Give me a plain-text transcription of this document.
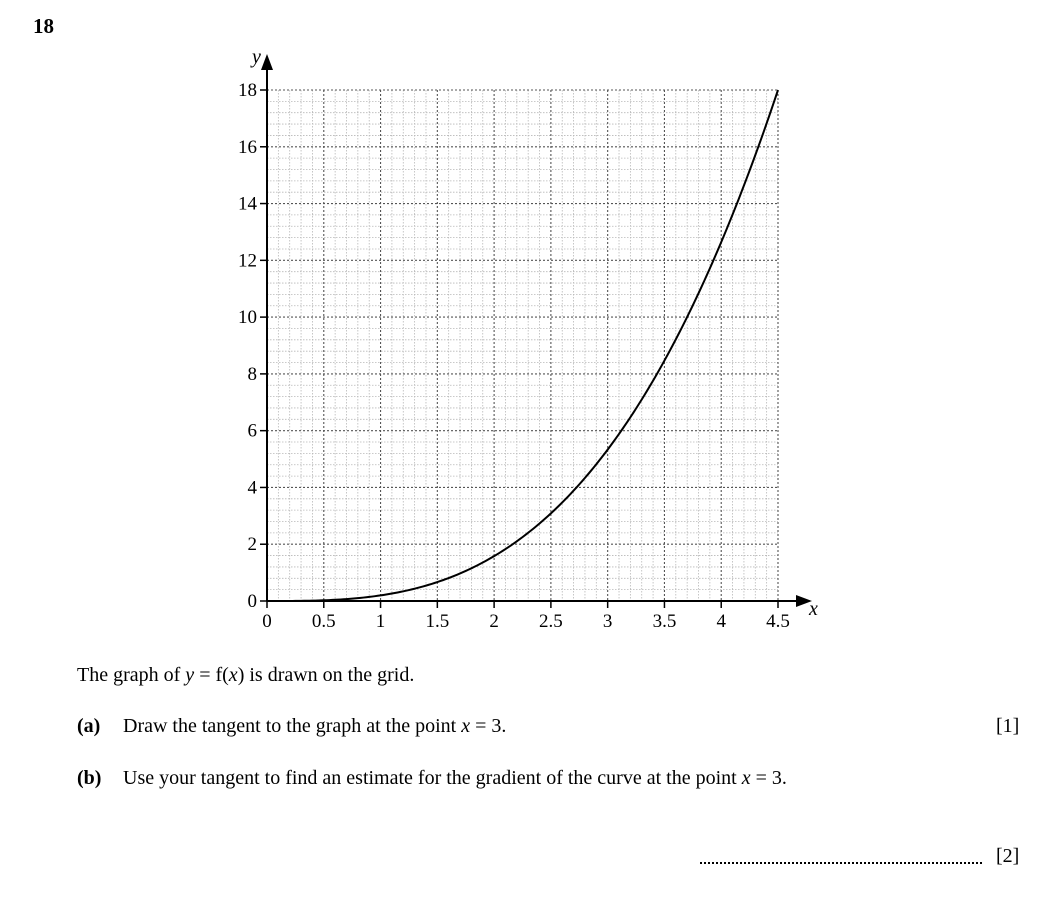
18
0 0.5 1 1.5 2 2.5 3 3.5 4 4.5
0
2
4
6
8
10
12
14
16
18
x
y
The graph of y = f(x) is drawn on the grid.
(a) Draw the tangent to the graph at the point x = 3.	[1]
(b) Use your tangent to find an estimate for the gradient of the curve at the point x = 3.
[2]
